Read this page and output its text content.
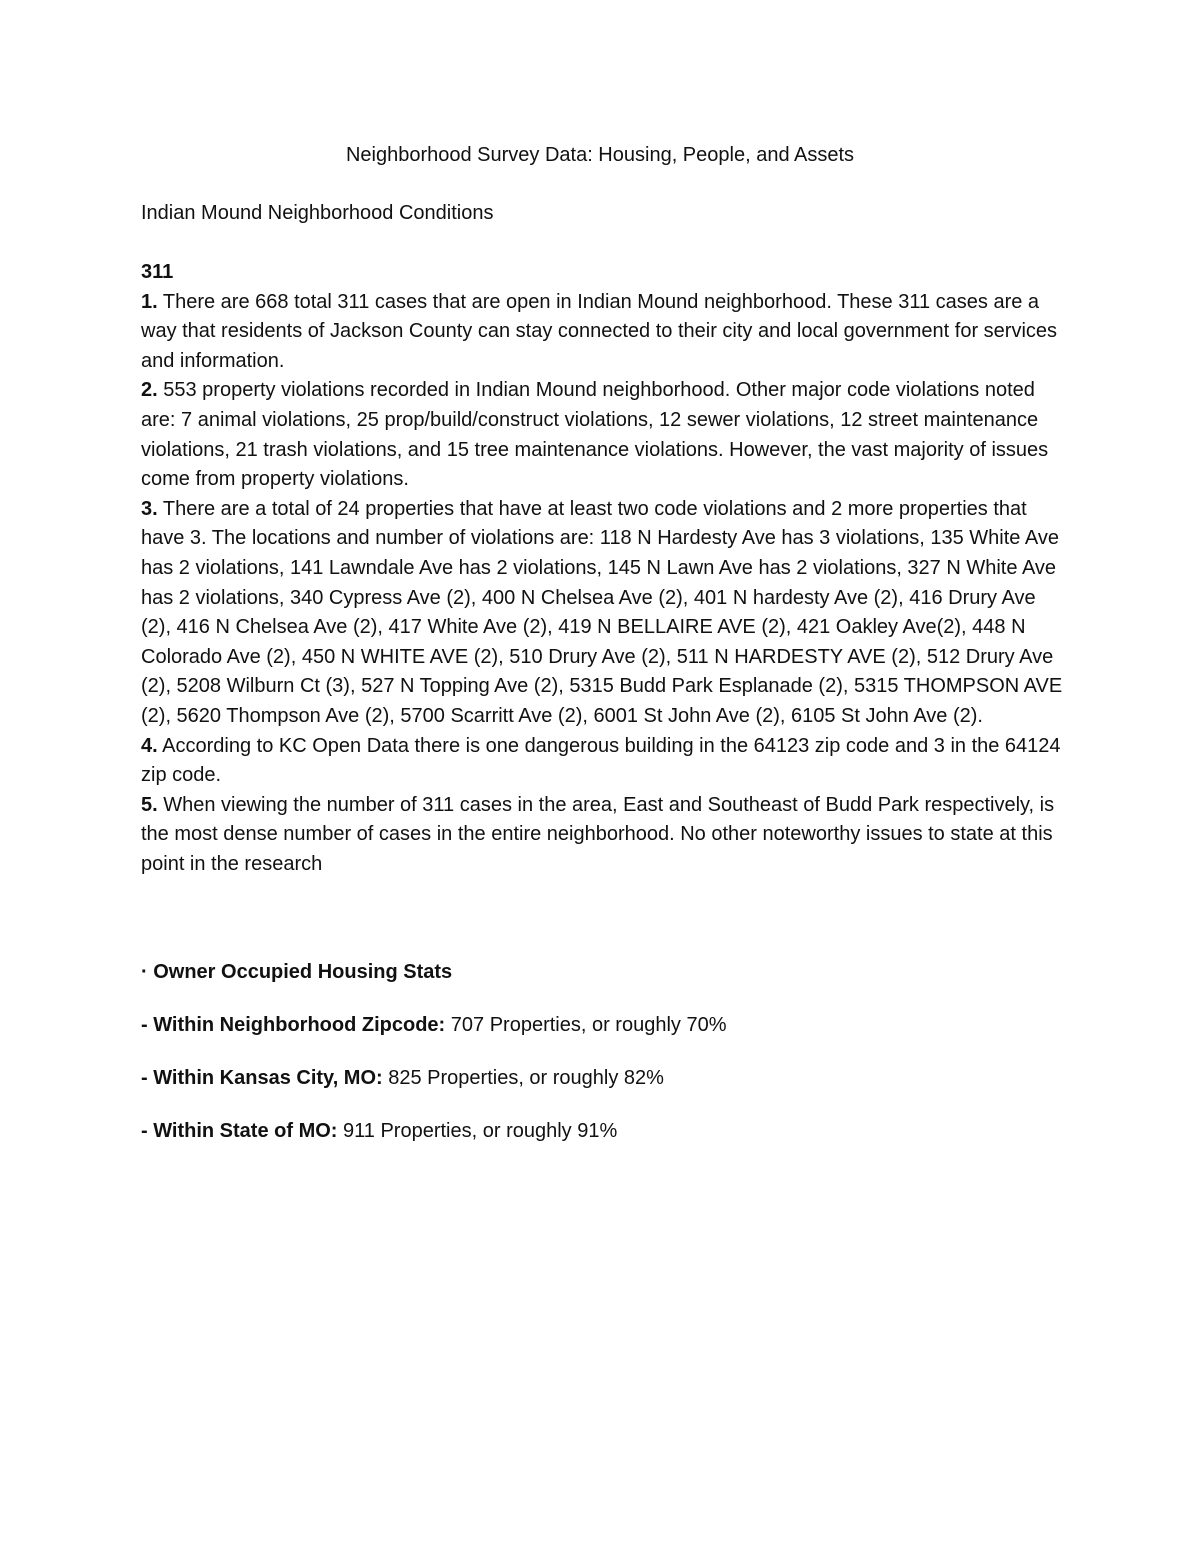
Neighborhood Survey Data: Housing, People, and Assets
Indian Mound Neighborhood Conditions
311

1. There are 668 total 311 cases that are open in Indian Mound neighborhood. These 311 cases are a way that residents of Jackson County can stay connected to their city and local government for services and information.

2. 553 property violations recorded in Indian Mound neighborhood. Other major code violations noted are: 7 animal violations, 25 prop/build/construct violations, 12 sewer violations, 12 street maintenance violations, 21 trash violations, and 15 tree maintenance violations. However, the vast majority of issues come from property violations.

3. There are a total of 24 properties that have at least two code violations and 2 more properties that have 3. The locations and number of violations are: 118 N Hardesty Ave has 3 violations, 135 White Ave has 2 violations, 141 Lawndale Ave has 2 violations, 145 N Lawn Ave has 2 violations, 327 N White Ave has 2 violations, 340 Cypress Ave (2), 400 N Chelsea Ave (2), 401 N hardesty Ave (2), 416 Drury Ave (2), 416 N Chelsea Ave (2), 417 White Ave (2), 419 N BELLAIRE AVE (2), 421 Oakley Ave(2), 448 N Colorado Ave (2), 450 N WHITE AVE (2), 510 Drury Ave (2), 511 N HARDESTY AVE (2), 512 Drury Ave (2), 5208 Wilburn Ct (3), 527 N Topping Ave (2), 5315 Budd Park Esplanade (2), 5315 THOMPSON AVE (2), 5620 Thompson Ave (2), 5700 Scarritt Ave (2), 6001 St John Ave (2), 6105 St John Ave (2).

4. According to KC Open Data there is one dangerous building in the 64123 zip code and 3 in the 64124 zip code.

5. When viewing the number of 311 cases in the area, East and Southeast of Budd Park respectively, is the most dense number of cases in the entire neighborhood. No other noteworthy issues to state at this point in the research

· Owner Occupied Housing Stats

- Within Neighborhood Zipcode: 707 Properties, or roughly 70%

- Within Kansas City, MO: 825 Properties, or roughly 82%

- Within State of MO: 911 Properties, or roughly 91%
